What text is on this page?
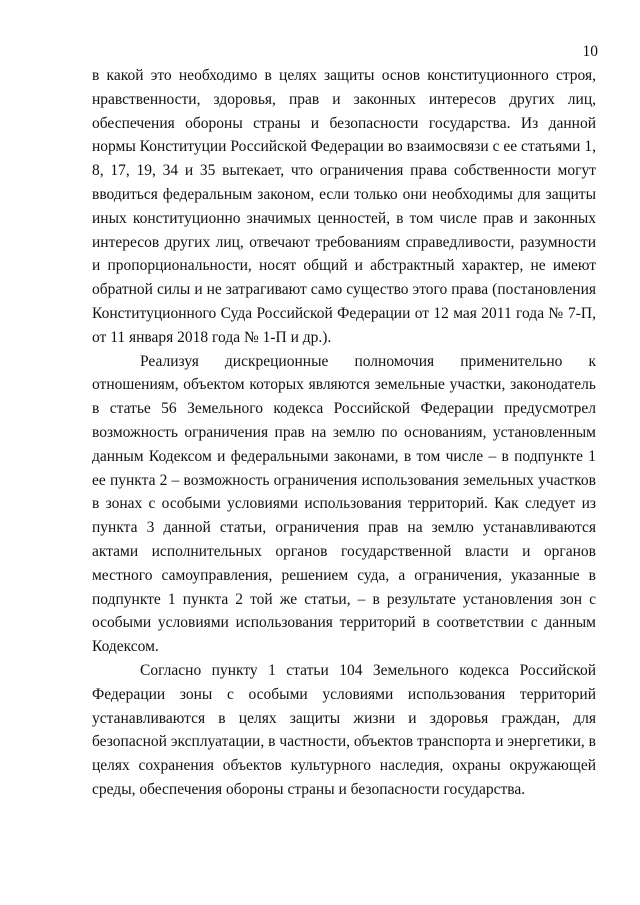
10

в какой это необходимо в целях защиты основ конституционного строя, нравственности, здоровья, прав и законных интересов других лиц, обеспечения обороны страны и безопасности государства. Из данной нормы Конституции Российской Федерации во взаимосвязи с ее статьями 1, 8, 17, 19, 34 и 35 вытекает, что ограничения права собственности могут вводиться федеральным законом, если только они необходимы для защиты иных конституционно значимых ценностей, в том числе прав и законных интересов других лиц, отвечают требованиям справедливости, разумности и пропорциональности, носят общий и абстрактный характер, не имеют обратной силы и не затрагивают само существо этого права (постановления Конституционного Суда Российской Федерации от 12 мая 2011 года № 7-П, от 11 января 2018 года № 1-П и др.).

Реализуя дискреционные полномочия применительно к отношениям, объектом которых являются земельные участки, законодатель в статье 56 Земельного кодекса Российской Федерации предусмотрел возможность ограничения прав на землю по основаниям, установленным данным Кодексом и федеральными законами, в том числе – в подпункте 1 ее пункта 2 – возможность ограничения использования земельных участков в зонах с особыми условиями использования территорий. Как следует из пункта 3 данной статьи, ограничения прав на землю устанавливаются актами исполнительных органов государственной власти и органов местного самоуправления, решением суда, а ограничения, указанные в подпункте 1 пункта 2 той же статьи, – в результате установления зон с особыми условиями использования территорий в соответствии с данным Кодексом.

Согласно пункту 1 статьи 104 Земельного кодекса Российской Федерации зоны с особыми условиями использования территорий устанавливаются в целях защиты жизни и здоровья граждан, для безопасной эксплуатации, в частности, объектов транспорта и энергетики, в целях сохранения объектов культурного наследия, охраны окружающей среды, обеспечения обороны страны и безопасности государства.
